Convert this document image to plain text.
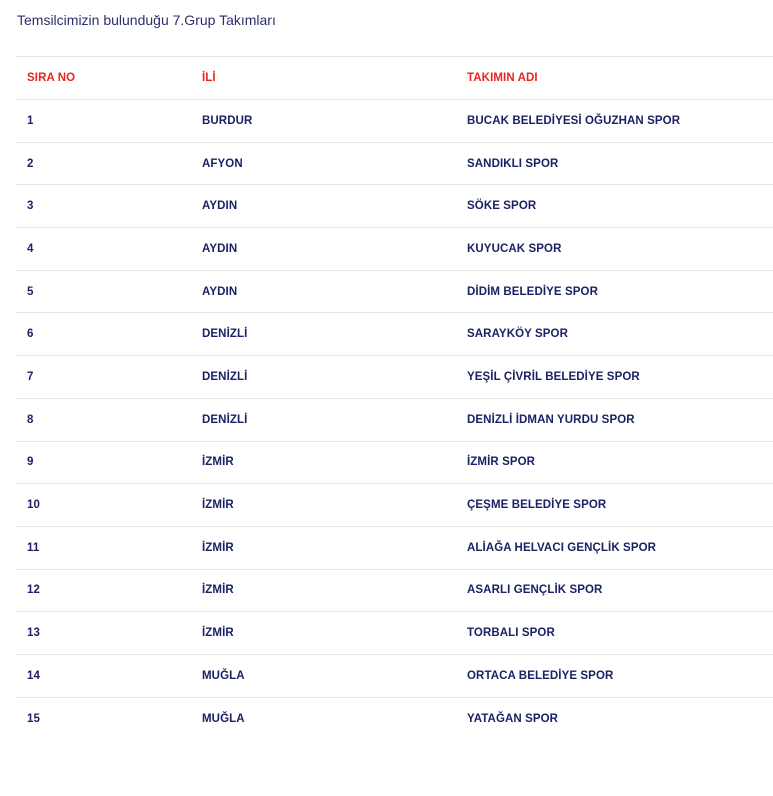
Temsilcimizin bulunduğu 7.Grup Takımları
SIRA NO	İLİ	TAKIMIN ADI
1	BURDUR	BUCAK BELEDİYESİ OĞUZHAN SPOR
2	AFYON	SANDIKLI SPOR
3	AYDIN	SÖKE SPOR
4	AYDIN	KUYUCAK SPOR
5	AYDIN	DİDİM BELEDİYE SPOR
6	DENİZLİ	SARAYKÖY SPOR
7	DENİZLİ	YEŞİL ÇİVRİL BELEDİYE SPOR
8	DENİZLİ	DENİZLİ İDMAN YURDU SPOR
9	İZMİR	İZMİR SPOR
10	İZMİR	ÇEŞME BELEDİYE SPOR
11	İZMİR	ALİAĞA HELVACI GENÇLİK SPOR
12	İZMİR	ASARLI GENÇLİK SPOR
13	İZMİR	TORBALI SPOR
14	MUĞLA	ORTACA BELEDİYE SPOR
15	MUĞLA	YATAĞAN SPOR
